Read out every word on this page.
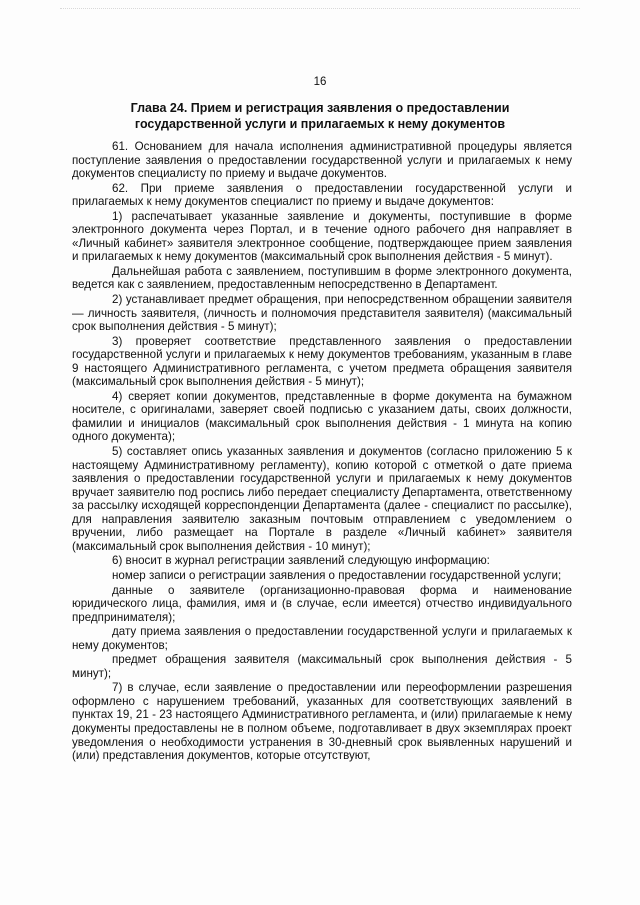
16
Глава 24. Прием и регистрация заявления о предоставлении
государственной услуги и прилагаемых к нему документов

61. Основанием для начала исполнения административной процедуры является поступление заявления о предоставлении государственной услуги и прилагаемых к нему документов специалисту по приему и выдаче документов.

62. При приеме заявления о предоставлении государственной услуги и прилагаемых к нему документов специалист по приему и выдаче документов:

1) распечатывает указанные заявление и документы, поступившие в форме электронного документа через Портал, и в течение одного рабочего дня направляет в «Личный кабинет» заявителя электронное сообщение, подтверждающее прием заявления и прилагаемых к нему документов (максимальный срок выполнения действия - 5 минут).

Дальнейшая работа с заявлением, поступившим в форме электронного документа, ведется как с заявлением, предоставленным непосредственно в Департамент.

2) устанавливает предмет обращения, при непосредственном обращении заявителя — личность заявителя, (личность и полномочия представителя заявителя) (максимальный срок выполнения действия - 5 минут);

3) проверяет соответствие представленного заявления о предоставлении государственной услуги и прилагаемых к нему документов требованиям, указанным в главе 9 настоящего Административного регламента, с учетом предмета обращения заявителя (максимальный срок выполнения действия - 5 минут);

4) сверяет копии документов, представленные в форме документа на бумажном носителе, с оригиналами, заверяет своей подписью с указанием даты, своих должности, фамилии и инициалов (максимальный срок выполнения действия - 1 минута на копию одного документа);

5) составляет опись указанных заявления и документов (согласно приложению 5 к настоящему Административному регламенту), копию которой с отметкой о дате приема заявления о предоставлении государственной услуги и прилагаемых к нему документов вручает заявителю под роспись либо передает специалисту Департамента, ответственному за рассылку исходящей корреспонденции Департамента (далее - специалист по рассылке), для направления заявителю заказным почтовым отправлением с уведомлением о вручении, либо размещает на Портале в разделе «Личный кабинет» заявителя (максимальный срок выполнения действия - 10 минут);

6) вносит в журнал регистрации заявлений следующую информацию:

номер записи о регистрации заявления о предоставлении государственной услуги;

данные о заявителе (организационно-правовая форма и наименование юридического лица, фамилия, имя и (в случае, если имеется) отчество индивидуального предпринимателя);

дату приема заявления о предоставлении государственной услуги и прилагаемых к нему документов;

предмет обращения заявителя (максимальный срок выполнения действия - 5 минут);

7) в случае, если заявление о предоставлении или переоформлении разрешения оформлено с нарушением требований, указанных для соответствующих заявлений в пунктах 19, 21 - 23 настоящего Административного регламента, и (или) прилагаемые к нему документы предоставлены не в полном объеме, подготавливает в двух экземплярах проект уведомления о необходимости устранения в 30-дневный срок выявленных нарушений и (или) представления документов, которые отсутствуют,
